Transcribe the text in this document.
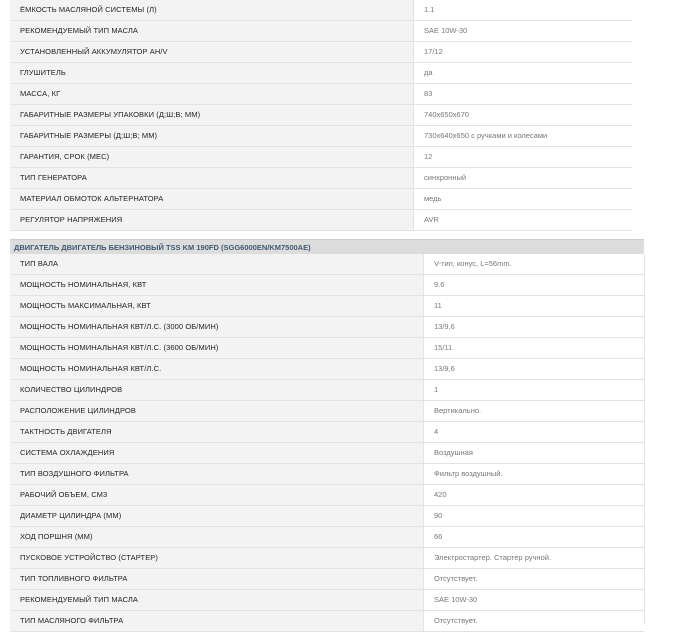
ЁМКОСТЬ МАСЛЯНОЙ СИСТЕМЫ (Л)	1.1
РЕКОМЕНДУЕМЫЙ ТИП МАСЛА	SAE 10W-30
УСТАНОВЛЕННЫЙ АККУМУЛЯТОР AH/V	17/12
ГЛУШИТЕЛЬ	да
МАССА, КГ	83
ГАБАРИТНЫЕ РАЗМЕРЫ УПАКОВКИ (Д;Ш;В; ММ)	740x650x670
ГАБАРИТНЫЕ РАЗМЕРЫ (Д;Ш;В; ММ)	730x640x650 с ручками и колесами
ГАРАНТИЯ, СРОК (МЕС)	12
ТИП ГЕНЕРАТОРА	синхронный
МАТЕРИАЛ ОБМОТОК АЛЬТЕРНАТОРА	медь
РЕГУЛЯТОР НАПРЯЖЕНИЯ	AVR
ДВИГАТЕЛЬ ДВИГАТЕЛЬ БЕНЗИНОВЫЙ TSS KM 190FD (SGG6000EN/KM7500AE)
ТИП ВАЛА	V-тип, конус, L=56mm.
МОЩНОСТЬ НОМИНАЛЬНАЯ, КВТ	9.6
МОЩНОСТЬ МАКСИМАЛЬНАЯ, КВТ	11
МОЩНОСТЬ НОМИНАЛЬНАЯ КВТ/Л.С. (3000 ОБ/МИН)	13/9,6
МОЩНОСТЬ НОМИНАЛЬНАЯ КВТ/Л.С. (3600 ОБ/МИН)	15/11
МОЩНОСТЬ НОМИНАЛЬНАЯ КВТ/Л.С.	13/9,6
КОЛИЧЕСТВО ЦИЛИНДРОВ	1
РАСПОЛОЖЕНИЕ ЦИЛИНДРОВ	Вертикально.
ТАКТНОСТЬ ДВИГАТЕЛЯ	4
СИСТЕМА ОХЛАЖДЕНИЯ	Воздушная
ТИП ВОЗДУШНОГО ФИЛЬТРА	Фильтр воздушный.
РАБОЧИЙ ОБЪЕМ, СМ3	420
ДИАМЕТР ЦИЛИНДРА (ММ)	90
ХОД ПОРШНЯ (ММ)	66
ПУСКОВОЕ УСТРОЙСТВО (СТАРТЕР)	Электростартер. Стартер ручной.
ТИП ТОПЛИВНОГО ФИЛЬТРА	Отсутствует.
РЕКОМЕНДУЕМЫЙ ТИП МАСЛА	SAE 10W-30
ТИП МАСЛЯНОГО ФИЛЬТРА	Отсутствует.
